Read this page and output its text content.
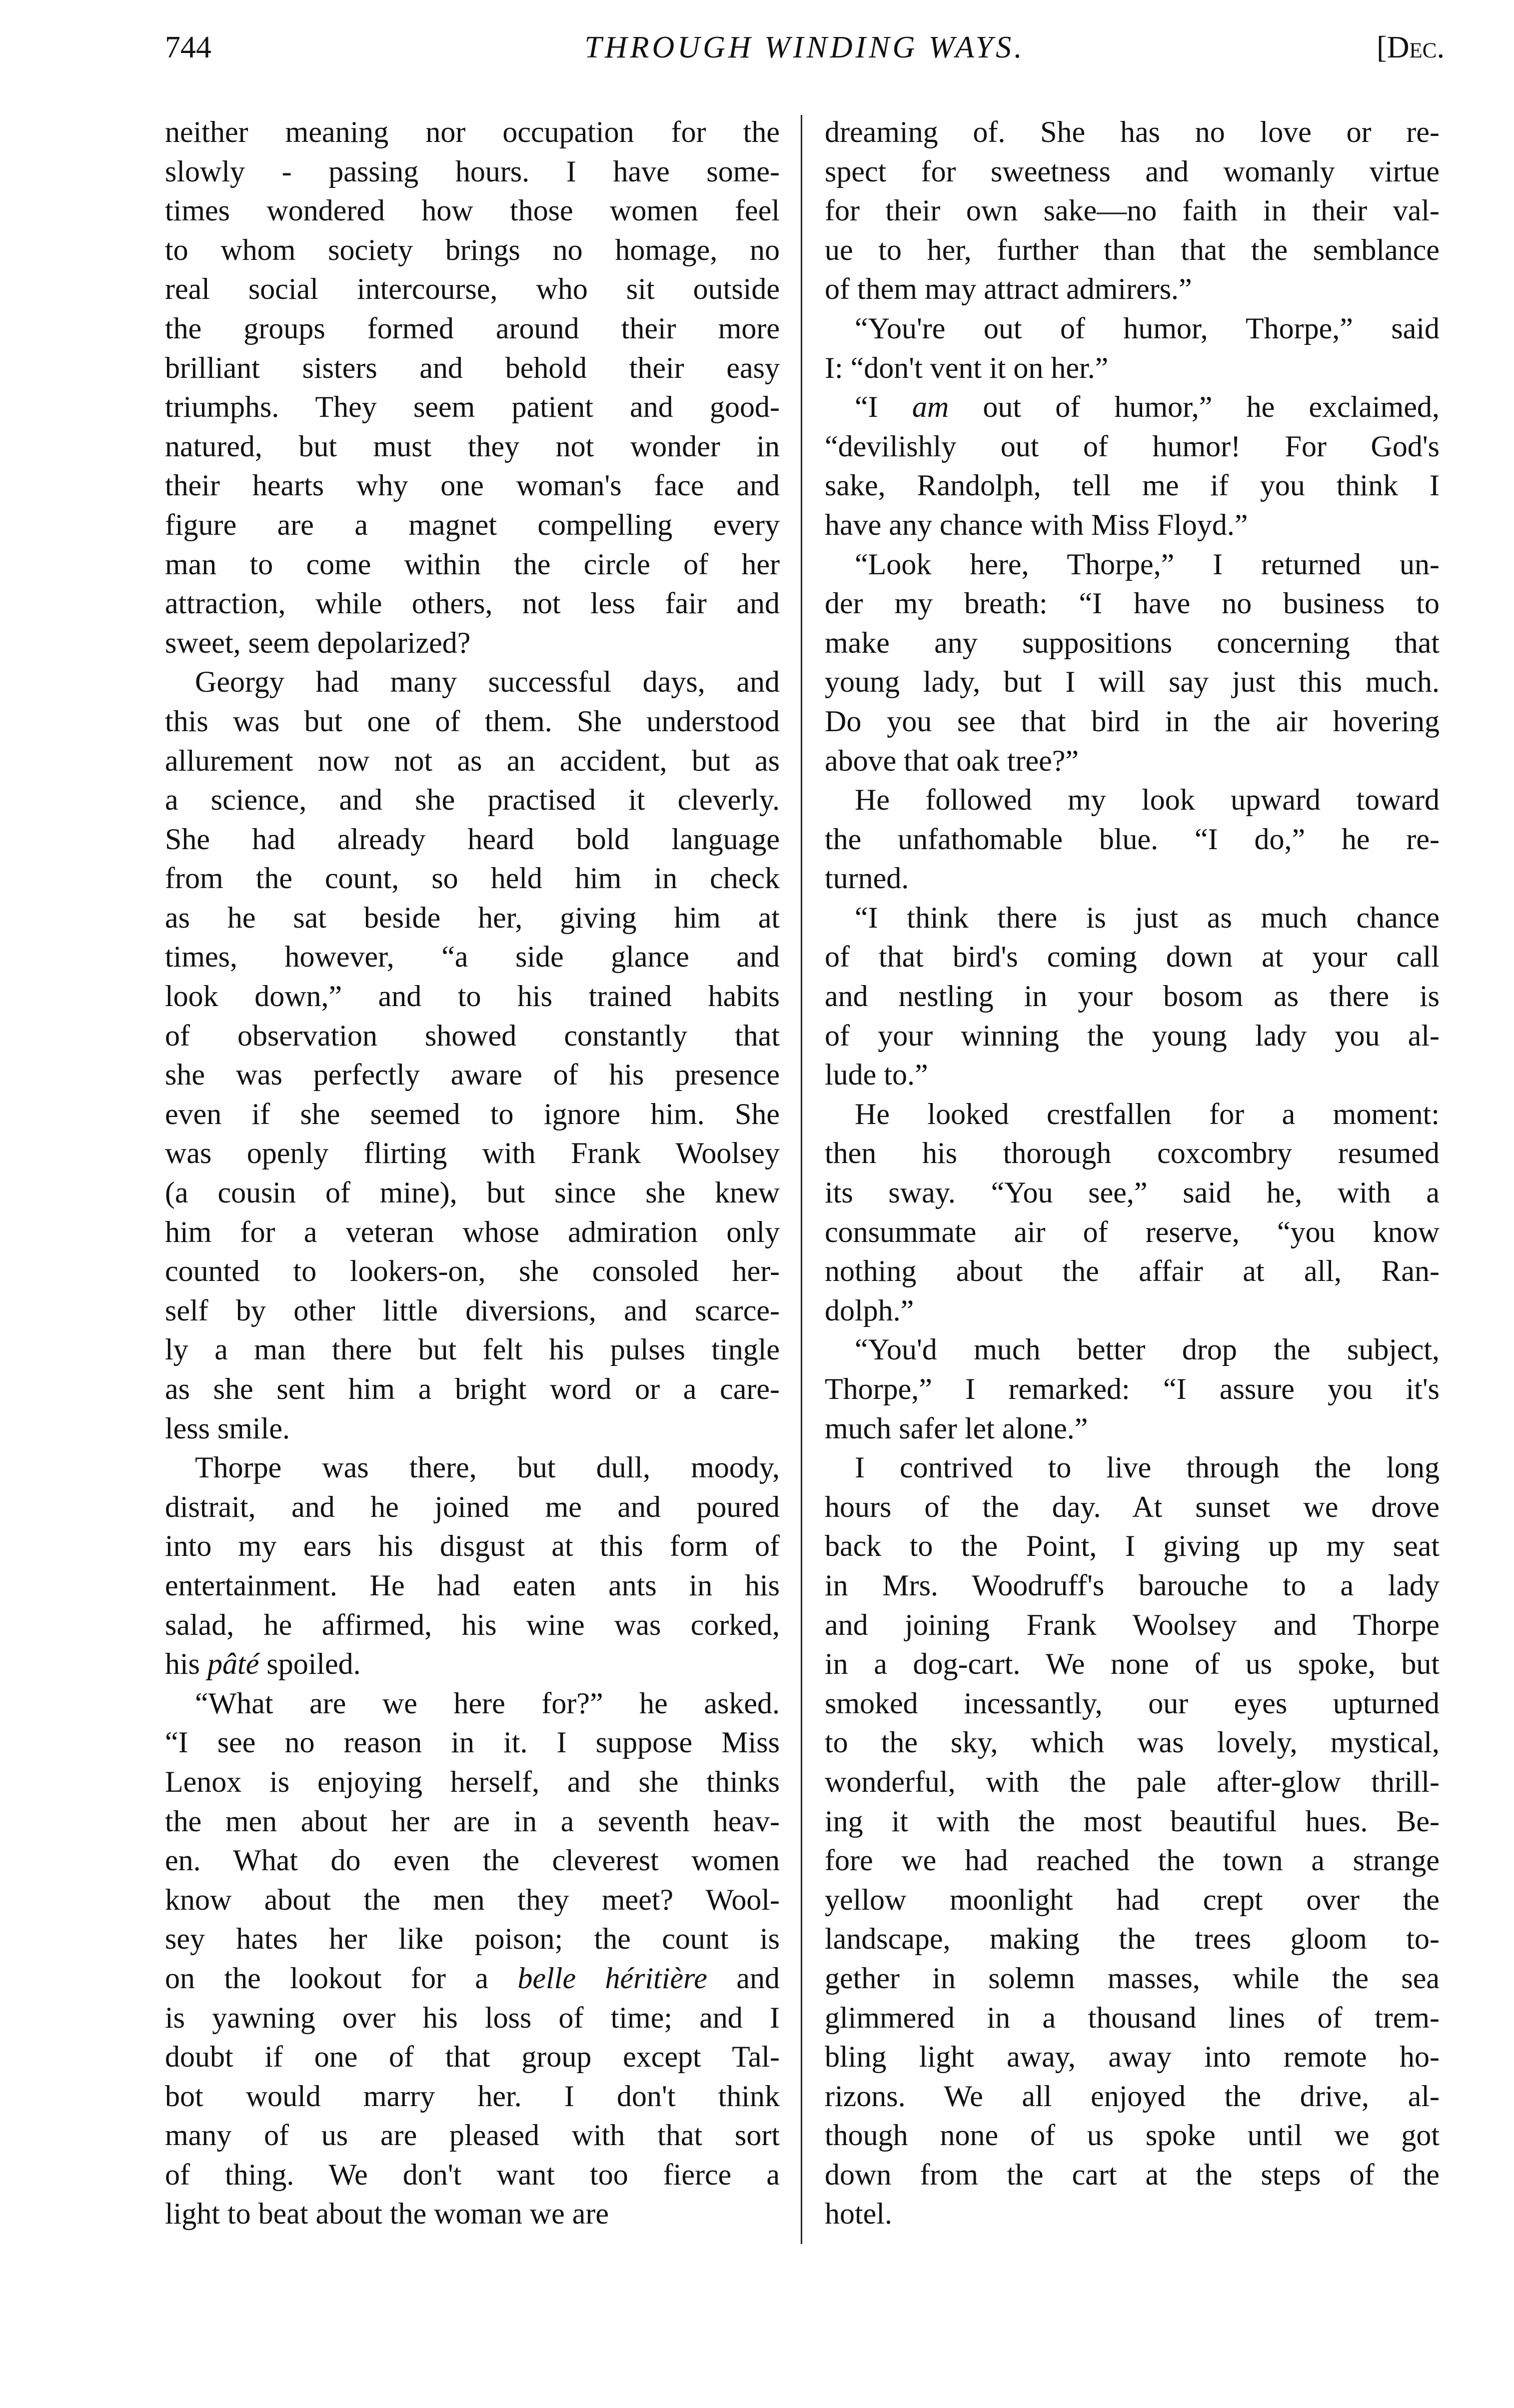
744	THROUGH WINDING WAYS.	[Dec.
neither meaning nor occupation for the
slowly - passing hours. I have some-
times wondered how those women feel
to whom society brings no homage, no
real social intercourse, who sit outside
the groups formed around their more
brilliant sisters and behold their easy
triumphs. They seem patient and good-
natured, but must they not wonder in
their hearts why one woman's face and
figure are a magnet compelling every
man to come within the circle of her
attraction, while others, not less fair and
sweet, seem depolarized?
Georgy had many successful days, and
this was but one of them. She understood
allurement now not as an accident, but as
a science, and she practised it cleverly.
She had already heard bold language
from the count, so held him in check
as he sat beside her, giving him at
times, however, “a side glance and
look down,” and to his trained habits
of observation showed constantly that
she was perfectly aware of his presence
even if she seemed to ignore him. She
was openly flirting with Frank Woolsey
(a cousin of mine), but since she knew
him for a veteran whose admiration only
counted to lookers-on, she consoled her-
self by other little diversions, and scarce-
ly a man there but felt his pulses tingle
as she sent him a bright word or a care-
less smile.
Thorpe was there, but dull, moody,
distrait, and he joined me and poured
into my ears his disgust at this form of
entertainment. He had eaten ants in his
salad, he affirmed, his wine was corked,
his pâté spoiled.
“What are we here for?” he asked.
“I see no reason in it. I suppose Miss
Lenox is enjoying herself, and she thinks
the men about her are in a seventh heav-
en. What do even the cleverest women
know about the men they meet? Wool-
sey hates her like poison; the count is
on the lookout for a belle héritière and
is yawning over his loss of time; and I
doubt if one of that group except Tal-
bot would marry her. I don't think
many of us are pleased with that sort
of thing. We don't want too fierce a
light to beat about the woman we are
dreaming of. She has no love or re-
spect for sweetness and womanly virtue
for their own sake—no faith in their val-
ue to her, further than that the semblance
of them may attract admirers.”
“You're out of humor, Thorpe,” said
I: “don't vent it on her.”
“I am out of humor,” he exclaimed,
“devilishly out of humor! For God's
sake, Randolph, tell me if you think I
have any chance with Miss Floyd.”
“Look here, Thorpe,” I returned un-
der my breath: “I have no business to
make any suppositions concerning that
young lady, but I will say just this much.
Do you see that bird in the air hovering
above that oak tree?”
He followed my look upward toward
the unfathomable blue. “I do,” he re-
turned.
“I think there is just as much chance
of that bird's coming down at your call
and nestling in your bosom as there is
of your winning the young lady you al-
lude to.”
He looked crestfallen for a moment:
then his thorough coxcombry resumed
its sway. “You see,” said he, with a
consummate air of reserve, “you know
nothing about the affair at all, Ran-
dolph.”
“You'd much better drop the subject,
Thorpe,” I remarked: “I assure you it's
much safer let alone.”
I contrived to live through the long
hours of the day. At sunset we drove
back to the Point, I giving up my seat
in Mrs. Woodruff's barouche to a lady
and joining Frank Woolsey and Thorpe
in a dog-cart. We none of us spoke, but
smoked incessantly, our eyes upturned
to the sky, which was lovely, mystical,
wonderful, with the pale after-glow thrill-
ing it with the most beautiful hues. Be-
fore we had reached the town a strange
yellow moonlight had crept over the
landscape, making the trees gloom to-
gether in solemn masses, while the sea
glimmered in a thousand lines of trem-
bling light away, away into remote ho-
rizons. We all enjoyed the drive, al-
though none of us spoke until we got
down from the cart at the steps of the
hotel.
